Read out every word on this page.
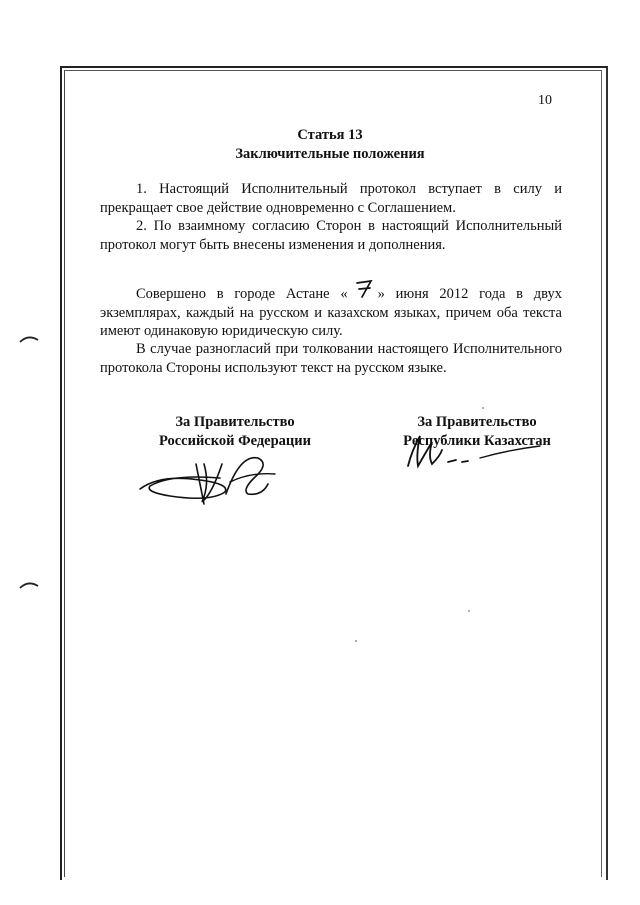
10
Статья 13
Заключительные положения
1. Настоящий Исполнительный протокол вступает в силу и прекращает свое действие одновременно с Соглашением.
2. По взаимному согласию Сторон в настоящий Исполнительный протокол могут быть внесены изменения и дополнения.
Совершено в городе Астане « » июня 2012 года в двух экземплярах, каждый на русском и казахском языках, причем оба текста имеют одинаковую юридическую силу.
В случае разногласий при толковании настоящего Исполнительного протокола Стороны используют текст на русском языке.
За Правительство
Российской Федерации
За Правительство
Республики Казахстан
